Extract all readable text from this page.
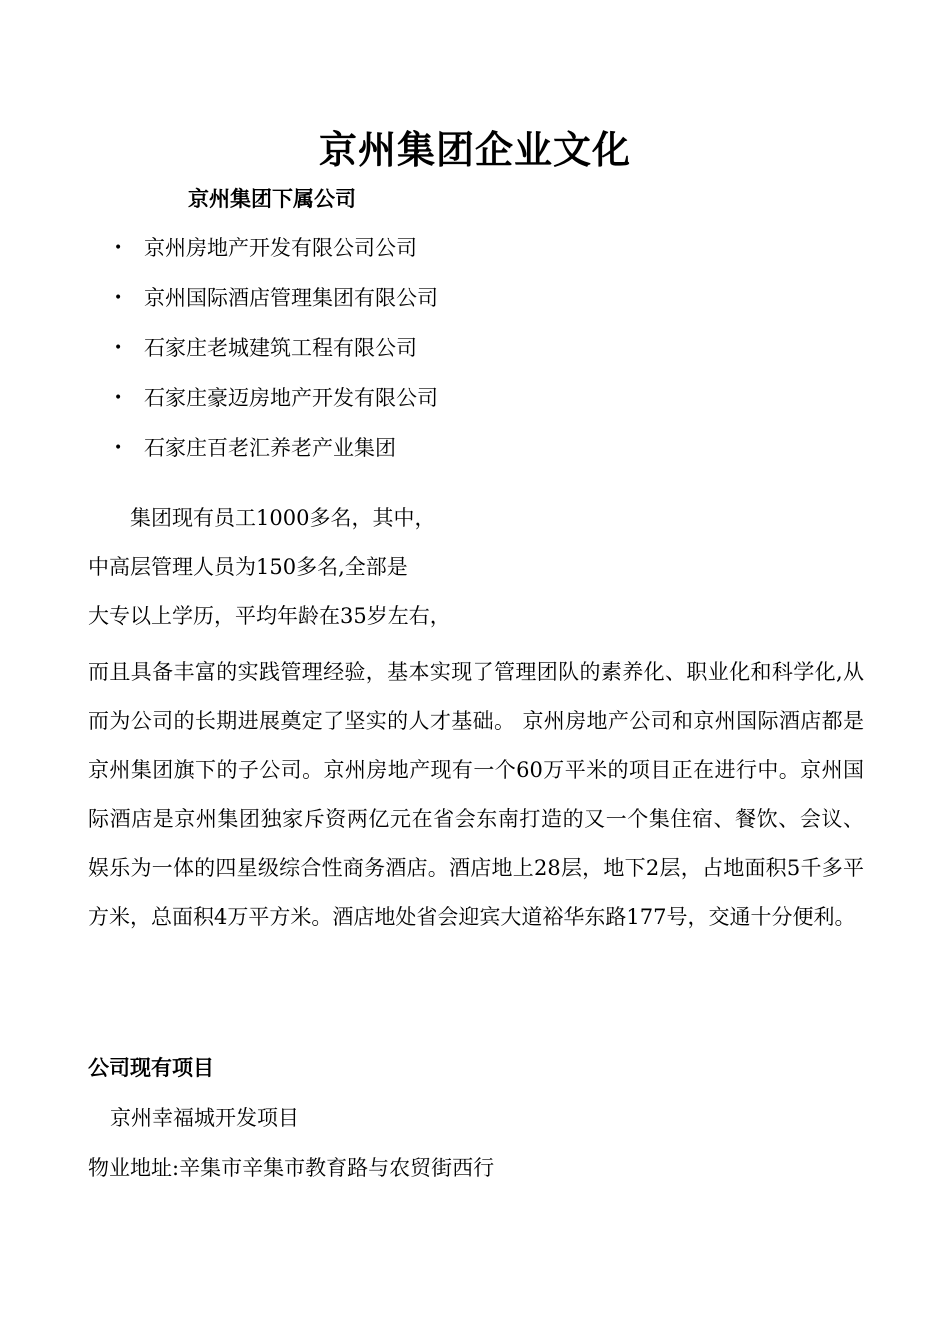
京州集团企业文化
京州集团下属公司
• 京州房地产开发有限公司公司
• 京州国际酒店管理集团有限公司
• 石家庄老城建筑工程有限公司
• 石家庄豪迈房地产开发有限公司
• 石家庄百老汇养老产业集团
　　集团现有员工1000多名，其中，
中高层管理人员为150多名,全部是
大专以上学历，平均年龄在35岁左右，
而且具备丰富的实践管理经验，基本实现了管理团队的素养化、职业化和科学化,从而为公司的长期进展奠定了坚实的人才基础。 京州房地产公司和京州国际酒店都是京州集团旗下的子公司。京州房地产现有一个60万平米的项目正在进行中。京州国际酒店是京州集团独家斥资两亿元在省会东南打造的又一个集住宿、餐饮、会议、娱乐为一体的四星级综合性商务酒店。酒店地上28层，地下2层，占地面积5千多平方米，总面积4万平方米。酒店地处省会迎宾大道裕华东路177号，交通十分便利。
公司现有项目
京州幸福城开发项目
物业地址:辛集市辛集市教育路与农贸街西行
